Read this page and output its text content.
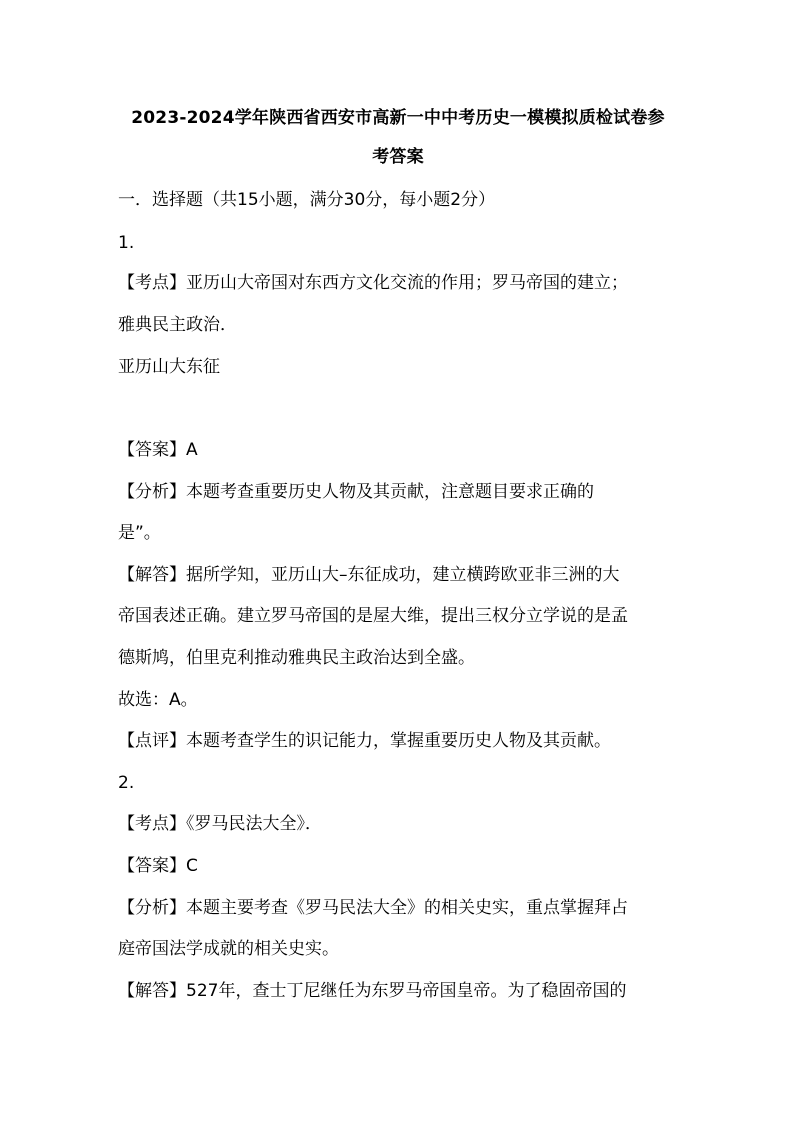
2023-2024学年陕西省西安市高新一中中考历史一模模拟质检试卷参
考答案
一．选择题（共15小题，满分30分，每小题2分）
1.
【考点】亚历山大帝国对东西方文化交流的作用；罗马帝国的建立；
雅典民主政治．
亚历山大东征
【答案】A
【分析】本题考查重要历史人物及其贡献，注意题目要求正确的
是”。
【解答】据所学知，亚历山大–东征成功，建立横跨欧亚非三洲的大
帝国表述正确。建立罗马帝国的是屋大维，提出三权分立学说的是孟
德斯鸠，伯里克利推动雅典民主政治达到全盛。
故选：A。
【点评】本题考查学生的识记能力，掌握重要历史人物及其贡献。
2.
【考点】《罗马民法大全》．
【答案】C
【分析】本题主要考查《罗马民法大全》的相关史实，重点掌握拜占
庭帝国法学成就的相关史实。
【解答】527年，查士丁尼继任为东罗马帝国皇帝。为了稳固帝国的
